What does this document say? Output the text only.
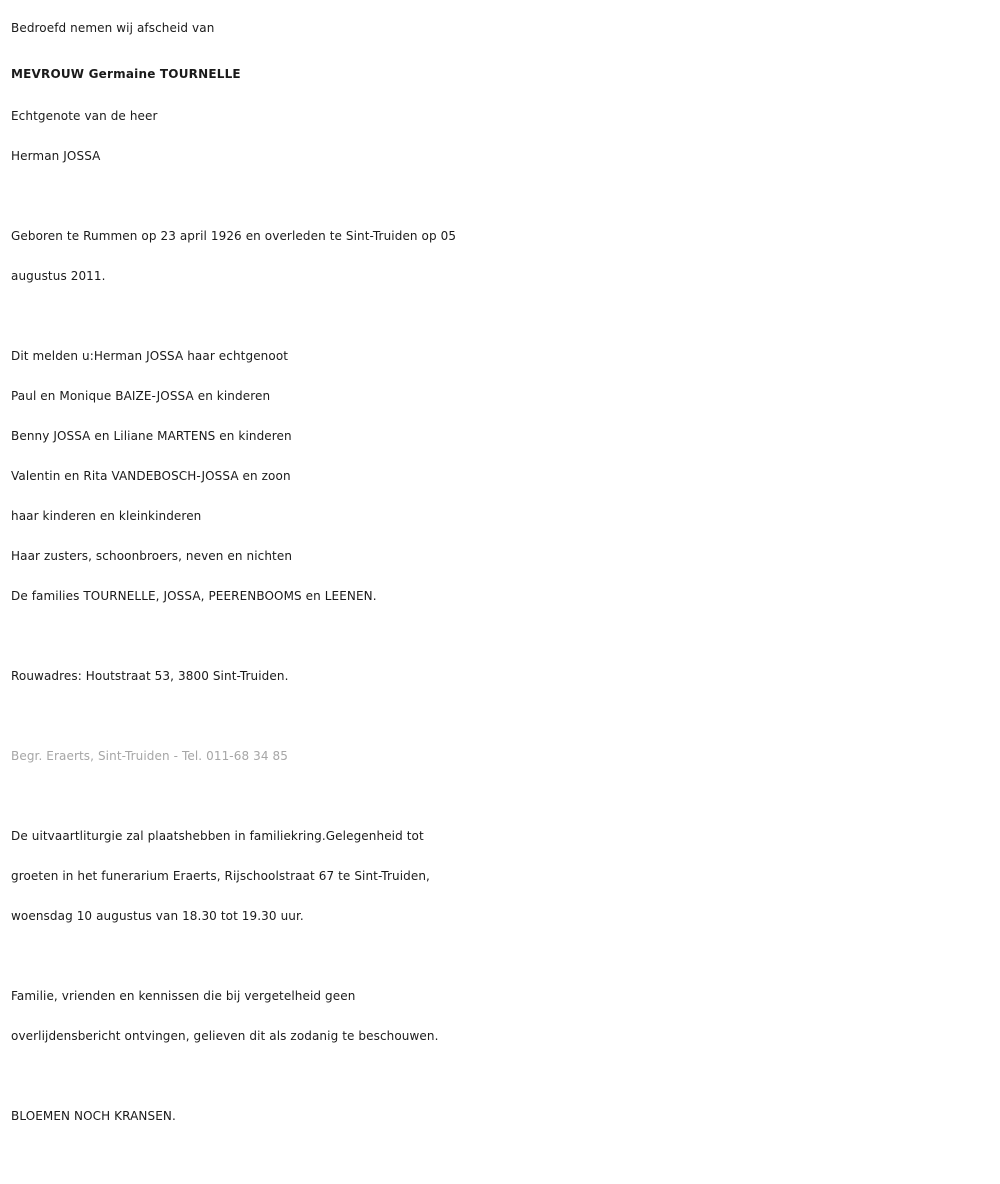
Bedroefd nemen wij afscheid van
MEVROUW Germaine TOURNELLE
Echtgenote van de heer
Herman JOSSA
Geboren te Rummen op 23 april 1926 en overleden te Sint-Truiden op 05
augustus 2011.
Dit melden u:Herman JOSSA haar echtgenoot
Paul en Monique BAIZE-JOSSA en kinderen
Benny JOSSA en Liliane MARTENS en kinderen
Valentin en Rita VANDEBOSCH-JOSSA en zoon
haar kinderen en kleinkinderen
Haar zusters, schoonbroers, neven en nichten
De families TOURNELLE, JOSSA, PEERENBOOMS en LEENEN.
Rouwadres: Houtstraat 53, 3800 Sint-Truiden.
Begr. Eraerts, Sint-Truiden - Tel. 011-68 34 85
De uitvaartliturgie zal plaatshebben in familiekring.Gelegenheid tot
groeten in het funerarium Eraerts, Rijschoolstraat 67 te Sint-Truiden,
woensdag 10 augustus van 18.30 tot 19.30 uur.
Familie, vrienden en kennissen die bij vergetelheid geen
overlijdensbericht ontvingen, gelieven dit als zodanig te beschouwen.
BLOEMEN NOCH KRANSEN.
